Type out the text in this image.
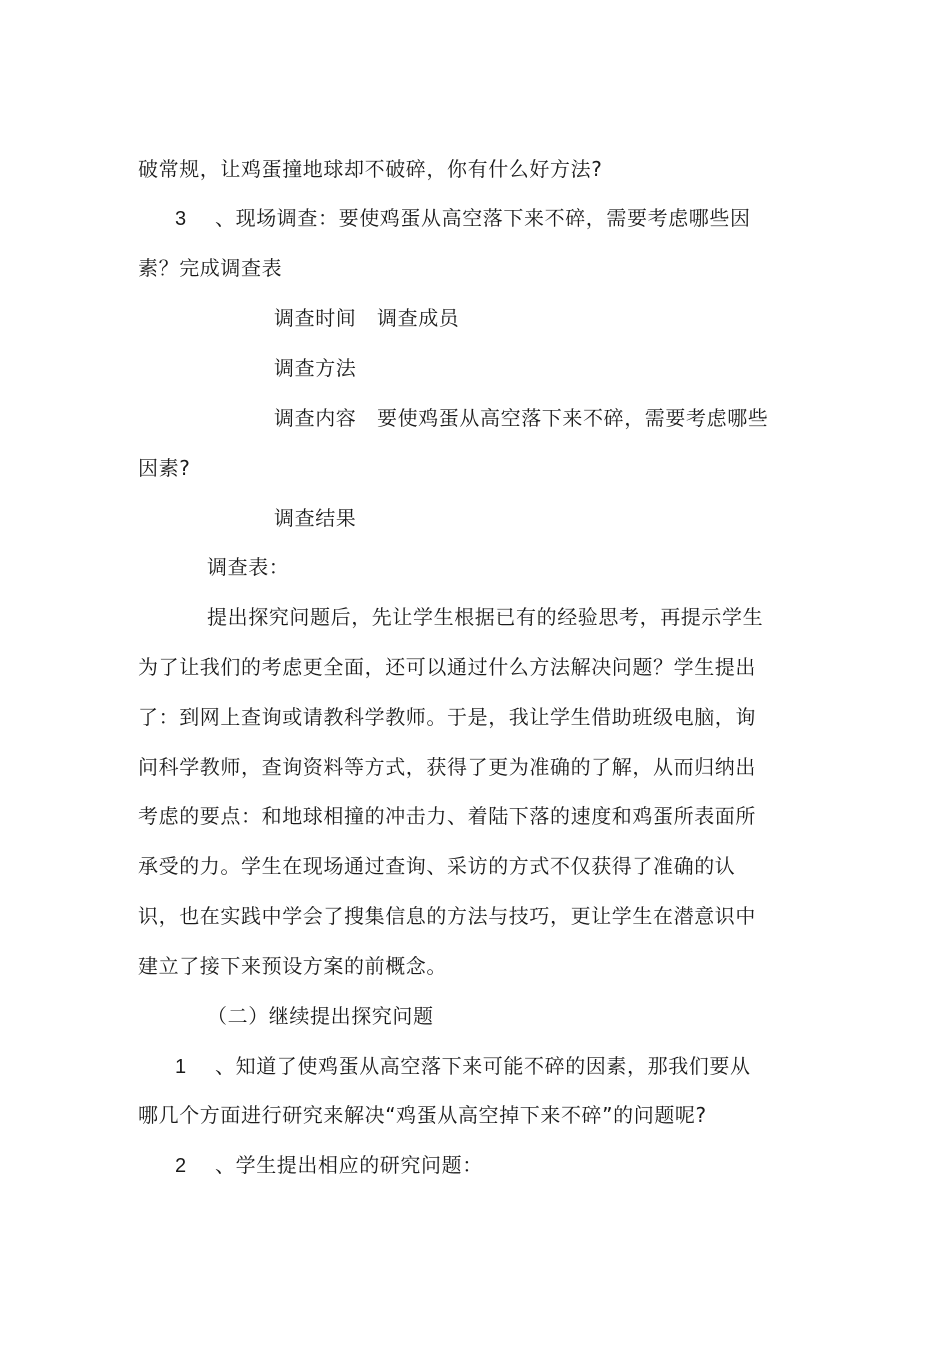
破常规，让鸡蛋撞地球却不破碎，你有什么好方法?
3 、现场调查：要使鸡蛋从高空落下来不碎，需要考虑哪些因
素？完成调查表
调查时间　调查成员
调查方法
调查内容　要使鸡蛋从高空落下来不碎，需要考虑哪些
因素?
调查结果
调查表：
提出探究问题后，先让学生根据已有的经验思考，再提示学生
为了让我们的考虑更全面，还可以通过什么方法解决问题？学生提出
了：到网上查询或请教科学教师。于是，我让学生借助班级电脑，询
问科学教师，查询资料等方式，获得了更为准确的了解，从而归纳出
考虑的要点：和地球相撞的冲击力、着陆下落的速度和鸡蛋所表面所
承受的力。学生在现场通过查询、采访的方式不仅获得了准确的认
识，也在实践中学会了搜集信息的方法与技巧，更让学生在潜意识中
建立了接下来预设方案的前概念。
（二）继续提出探究问题
1 、知道了使鸡蛋从高空落下来可能不碎的因素，那我们要从
哪几个方面进行研究来解决“鸡蛋从高空掉下来不碎”的问题呢?
2 、学生提出相应的研究问题：
